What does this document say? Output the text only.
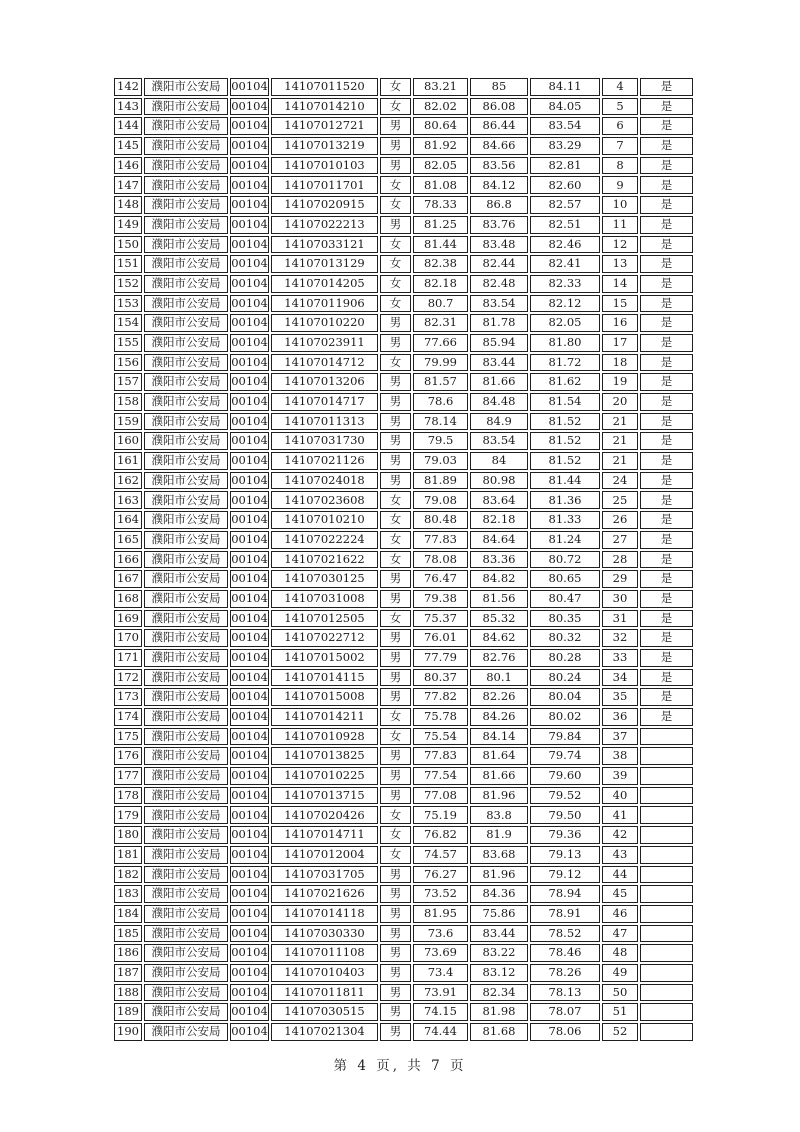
142	濮阳市公安局	00104	14107011520	女	83.21	85	84.11	4	是
143	濮阳市公安局	00104	14107014210	女	82.02	86.08	84.05	5	是
144	濮阳市公安局	00104	14107012721	男	80.64	86.44	83.54	6	是
145	濮阳市公安局	00104	14107013219	男	81.92	84.66	83.29	7	是
146	濮阳市公安局	00104	14107010103	男	82.05	83.56	82.81	8	是
147	濮阳市公安局	00104	14107011701	女	81.08	84.12	82.60	9	是
148	濮阳市公安局	00104	14107020915	女	78.33	86.8	82.57	10	是
149	濮阳市公安局	00104	14107022213	男	81.25	83.76	82.51	11	是
150	濮阳市公安局	00104	14107033121	女	81.44	83.48	82.46	12	是
151	濮阳市公安局	00104	14107013129	女	82.38	82.44	82.41	13	是
152	濮阳市公安局	00104	14107014205	女	82.18	82.48	82.33	14	是
153	濮阳市公安局	00104	14107011906	女	80.7	83.54	82.12	15	是
154	濮阳市公安局	00104	14107010220	男	82.31	81.78	82.05	16	是
155	濮阳市公安局	00104	14107023911	男	77.66	85.94	81.80	17	是
156	濮阳市公安局	00104	14107014712	女	79.99	83.44	81.72	18	是
157	濮阳市公安局	00104	14107013206	男	81.57	81.66	81.62	19	是
158	濮阳市公安局	00104	14107014717	男	78.6	84.48	81.54	20	是
159	濮阳市公安局	00104	14107011313	男	78.14	84.9	81.52	21	是
160	濮阳市公安局	00104	14107031730	男	79.5	83.54	81.52	21	是
161	濮阳市公安局	00104	14107021126	男	79.03	84	81.52	21	是
162	濮阳市公安局	00104	14107024018	男	81.89	80.98	81.44	24	是
163	濮阳市公安局	00104	14107023608	女	79.08	83.64	81.36	25	是
164	濮阳市公安局	00104	14107010210	女	80.48	82.18	81.33	26	是
165	濮阳市公安局	00104	14107022224	女	77.83	84.64	81.24	27	是
166	濮阳市公安局	00104	14107021622	女	78.08	83.36	80.72	28	是
167	濮阳市公安局	00104	14107030125	男	76.47	84.82	80.65	29	是
168	濮阳市公安局	00104	14107031008	男	79.38	81.56	80.47	30	是
169	濮阳市公安局	00104	14107012505	女	75.37	85.32	80.35	31	是
170	濮阳市公安局	00104	14107022712	男	76.01	84.62	80.32	32	是
171	濮阳市公安局	00104	14107015002	男	77.79	82.76	80.28	33	是
172	濮阳市公安局	00104	14107014115	男	80.37	80.1	80.24	34	是
173	濮阳市公安局	00104	14107015008	男	77.82	82.26	80.04	35	是
174	濮阳市公安局	00104	14107014211	女	75.78	84.26	80.02	36	是
175	濮阳市公安局	00104	14107010928	女	75.54	84.14	79.84	37	
176	濮阳市公安局	00104	14107013825	男	77.83	81.64	79.74	38	
177	濮阳市公安局	00104	14107010225	男	77.54	81.66	79.60	39	
178	濮阳市公安局	00104	14107013715	男	77.08	81.96	79.52	40	
179	濮阳市公安局	00104	14107020426	女	75.19	83.8	79.50	41	
180	濮阳市公安局	00104	14107014711	女	76.82	81.9	79.36	42	
181	濮阳市公安局	00104	14107012004	女	74.57	83.68	79.13	43	
182	濮阳市公安局	00104	14107031705	男	76.27	81.96	79.12	44	
183	濮阳市公安局	00104	14107021626	男	73.52	84.36	78.94	45	
184	濮阳市公安局	00104	14107014118	男	81.95	75.86	78.91	46	
185	濮阳市公安局	00104	14107030330	男	73.6	83.44	78.52	47	
186	濮阳市公安局	00104	14107011108	男	73.69	83.22	78.46	48	
187	濮阳市公安局	00104	14107010403	男	73.4	83.12	78.26	49	
188	濮阳市公安局	00104	14107011811	男	73.91	82.34	78.13	50	
189	濮阳市公安局	00104	14107030515	男	74.15	81.98	78.07	51	
190	濮阳市公安局	00104	14107021304	男	74.44	81.68	78.06	52	
第 4 页, 共 7 页
